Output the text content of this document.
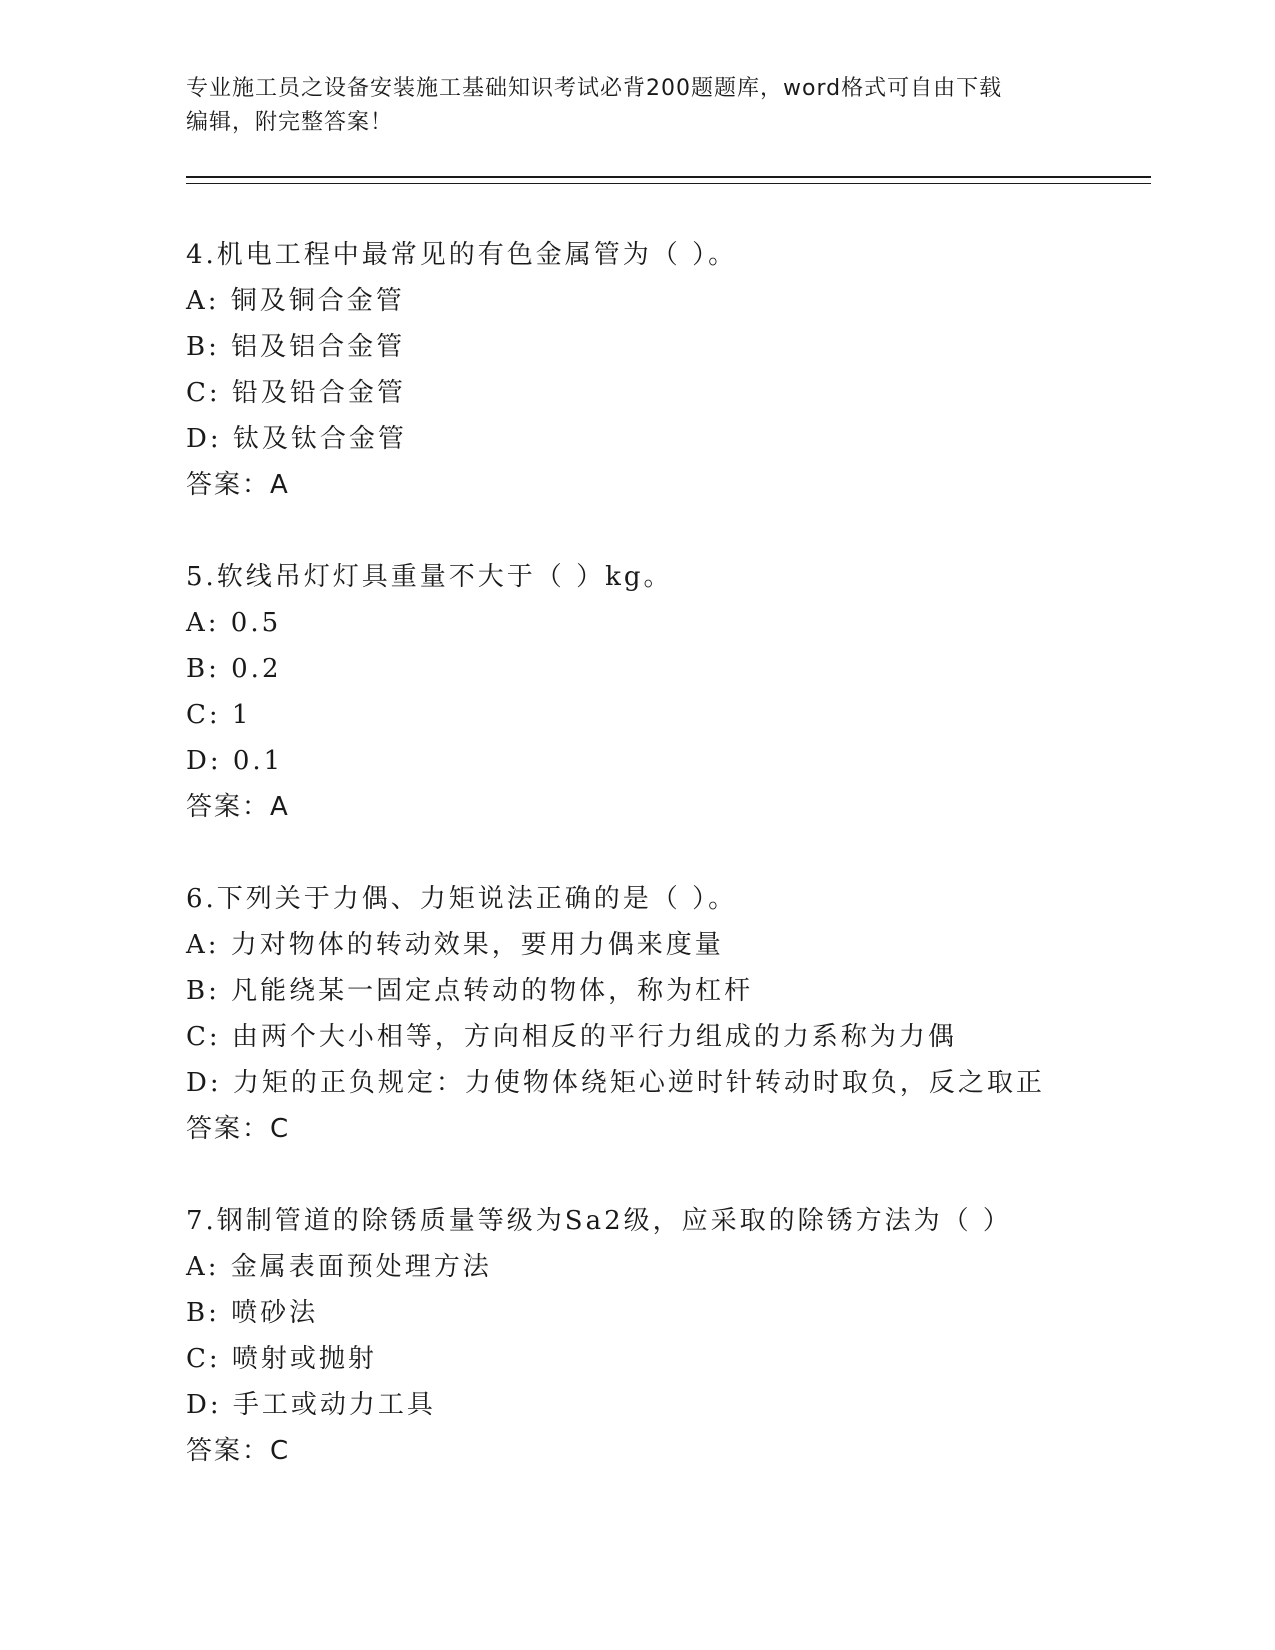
专业施工员之设备安装施工基础知识考试必背200题题库，word格式可自由下载
编辑，附完整答案！
4.机电工程中最常见的有色金属管为（ ）。
A: 铜及铜合金管
B: 铝及铝合金管
C: 铅及铅合金管
D: 钛及钛合金管
答案：A
5.软线吊灯灯具重量不大于（ ）kg。
A: 0.5
B: 0.2
C: 1
D: 0.1
答案：A
6.下列关于力偶、力矩说法正确的是（ ）。
A: 力对物体的转动效果，要用力偶来度量
B: 凡能绕某一固定点转动的物体，称为杠杆
C: 由两个大小相等，方向相反的平行力组成的力系称为力偶
D: 力矩的正负规定：力使物体绕矩心逆时针转动时取负，反之取正
答案：C
7.钢制管道的除锈质量等级为Sa2级，应采取的除锈方法为（ ）
A: 金属表面预处理方法
B: 喷砂法
C: 喷射或抛射
D: 手工或动力工具
答案：C
